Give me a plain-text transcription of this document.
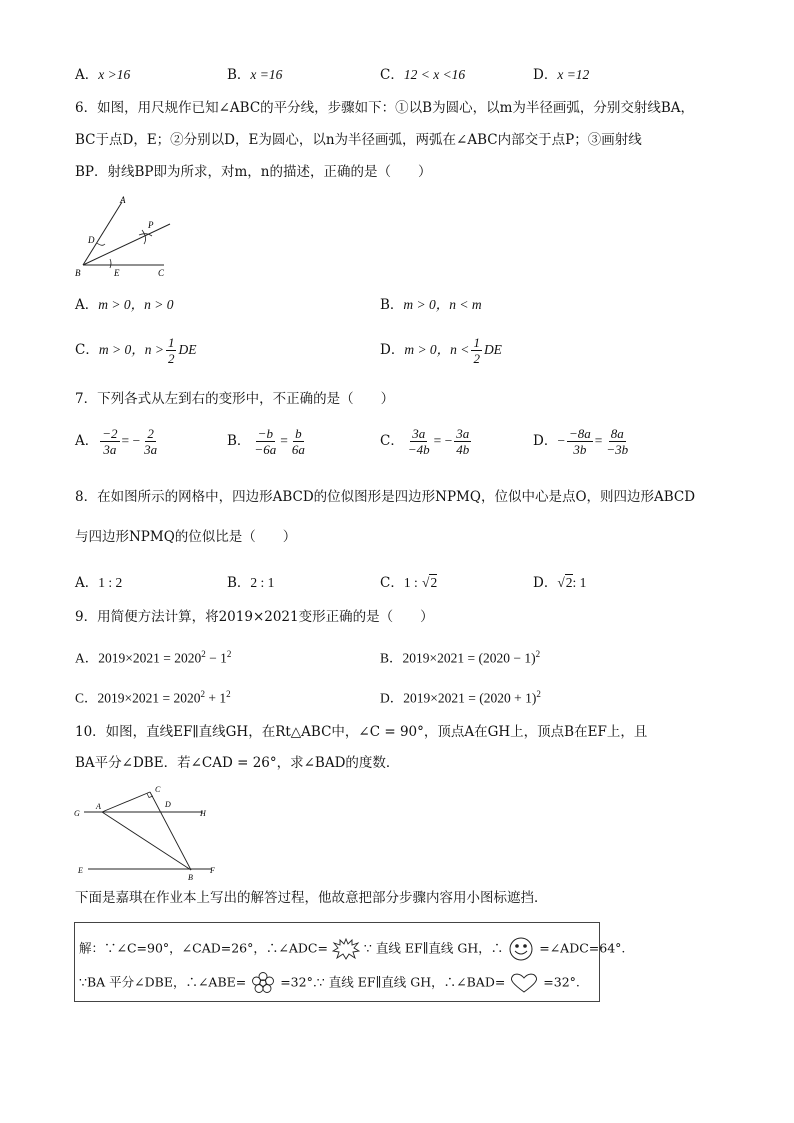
A．x >16	B．x =16	C．12 < x <16	D．x =12
6．如图，用尺规作已知∠ABC的平分线，步骤如下：①以B为圆心，以m为半径画弧，分别交射线BA，
BC于点D，E；②分别以D，E为圆心，以n为半径画弧，两弧在∠ABC内部交于点P；③画射线
BP．射线BP即为所求，对m，n的描述，正确的是（　　）
A
P
D
B	E	C
A．m > 0，n > 0	B．m > 0，n < m
C．m > 0，$n > \frac{1}{2}$ DE	D．m > 0，$n < \frac{1}{2}$ DE
7．下列各式从左到右的变形中，不正确的是（　　）
A． $\frac{-2}{3a}$ = − $\frac{2}{3a}$	B． $\frac{-b}{-6a} = \frac{b}{6a}$	C． $\frac{3a}{-4b}$ = − $\frac{3a}{4b}$	D．− $\frac{-8a}{3b} = \frac{8a}{-3b}$
8．在如图所示的网格中，四边形ABCD的位似图形是四边形NPMQ，位似中心是点O，则四边形ABCD
与四边形NPMQ的位似比是（　　）
A．1 : 2	B．2 : 1	C．1 : √2	D．√2: 1
9．用简便方法计算，将2019×2021变形正确的是（　　）
A．$2019\times 2021 = 2020^2 - 1^2$	B．$2019\times 2021 = (2020 - 1)^2$
C．$2019\times 2021 = 2020^2 + 1^2$	D．$2019\times 2021 = (2020 + 1)^2$
10．如图，直线EF∥直线GH，在Rt△ABC中，∠C = 90°，顶点A在GH上，顶点B在EF上，且
BA平分∠DBE．若∠CAD = 26°，求∠BAD的度数．
G
A
C
D
H
E
B
F
下面是嘉琪在作业本上写出的解答过程，他故意把部分步骤内容用小图标遮挡．
解：∵∠C=90°，∠CAD=26°，∴∠ADC=	∵ 直线 EF∥直线 GH，∴	=∠ADC=64°.
∵BA 平分∠DBE，∴∠ABE=	=32°.∵ 直线 EF∥直线 GH，∴∠BAD=	=32°.
